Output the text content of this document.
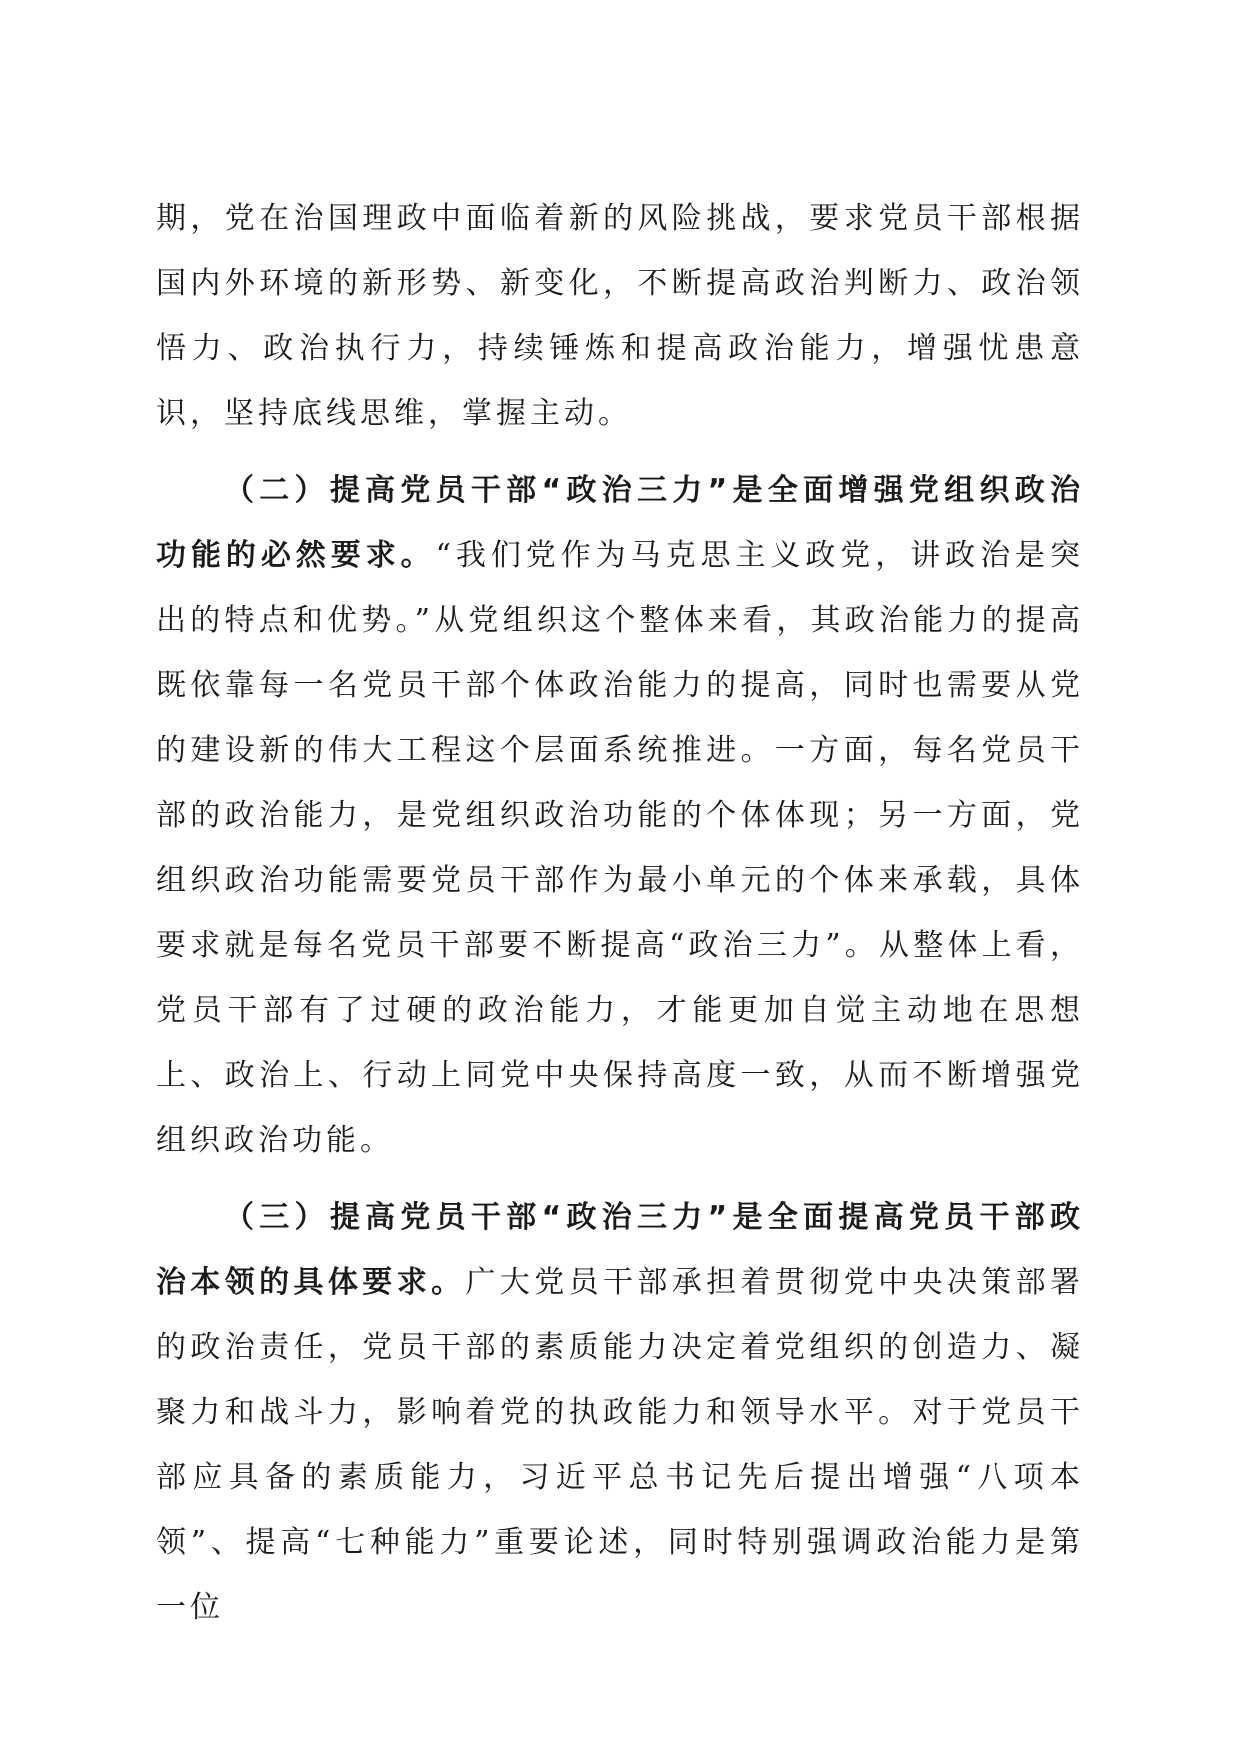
期，党在治国理政中面临着新的风险挑战，要求党员干部根据国内外环境的新形势、新变化，不断提高政治判断力、政治领悟力、政治执行力，持续锤炼和提高政治能力，增强忧患意识，坚持底线思维，掌握主动。

（二）提高党员干部“政治三力”是全面增强党组织政治功能的必然要求。“我们党作为马克思主义政党，讲政治是突出的特点和优势。”从党组织这个整体来看，其政治能力的提高既依靠每一名党员干部个体政治能力的提高，同时也需要从党的建设新的伟大工程这个层面系统推进。一方面，每名党员干部的政治能力，是党组织政治功能的个体体现；另一方面，党组织政治功能需要党员干部作为最小单元的个体来承载，具体要求就是每名党员干部要不断提高“政治三力”。从整体上看，党员干部有了过硬的政治能力，才能更加自觉主动地在思想上、政治上、行动上同党中央保持高度一致，从而不断增强党组织政治功能。

（三）提高党员干部“政治三力”是全面提高党员干部政治本领的具体要求。广大党员干部承担着贯彻党中央决策部署的政治责任，党员干部的素质能力决定着党组织的创造力、凝聚力和战斗力，影响着党的执政能力和领导水平。对于党员干部应具备的素质能力，习近平总书记先后提出增强“八项本领”、提高“七种能力”重要论述，同时特别强调政治能力是第一位
